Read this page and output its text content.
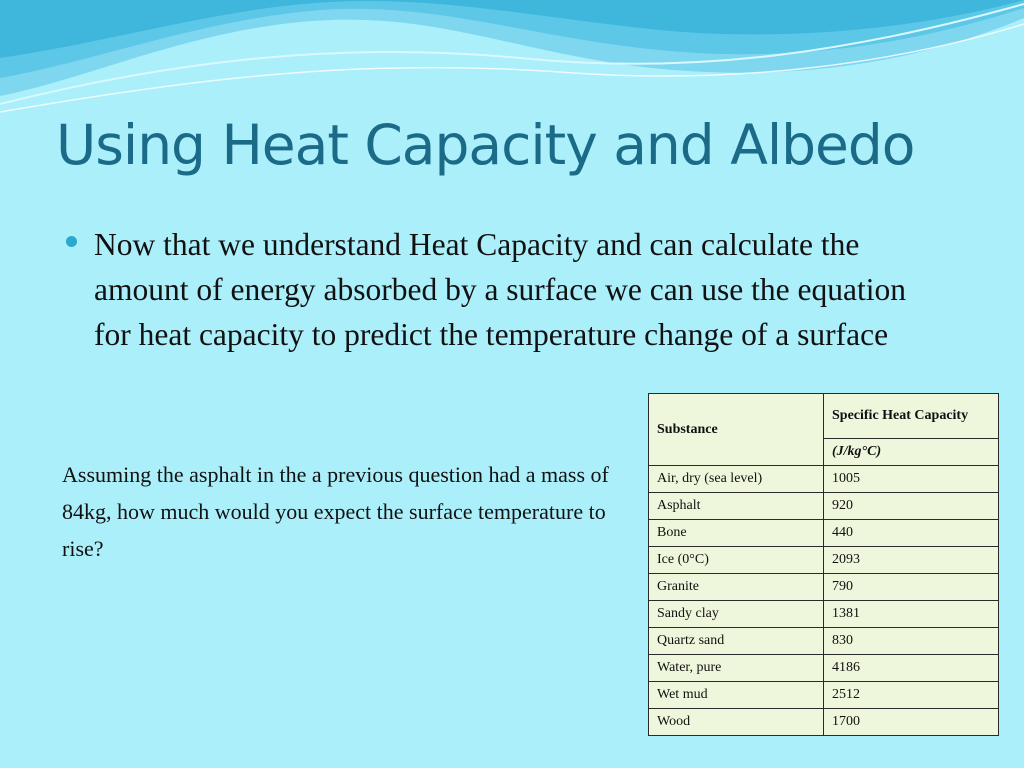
Using Heat Capacity and Albedo

Now that we understand Heat Capacity and can calculate the amount of energy absorbed by a surface we can use the equation for heat capacity to predict the temperature change of a surface

Assuming the asphalt in the a previous question had a mass of 84kg, how much would you expect the surface temperature to rise?

Substance	Specific Heat Capacity
	(J/kg°C)
Air, dry (sea level)	1005
Asphalt	920
Bone	440
Ice (0°C)	2093
Granite	790
Sandy clay	1381
Quartz sand	830
Water, pure	4186
Wet mud	2512
Wood	1700
